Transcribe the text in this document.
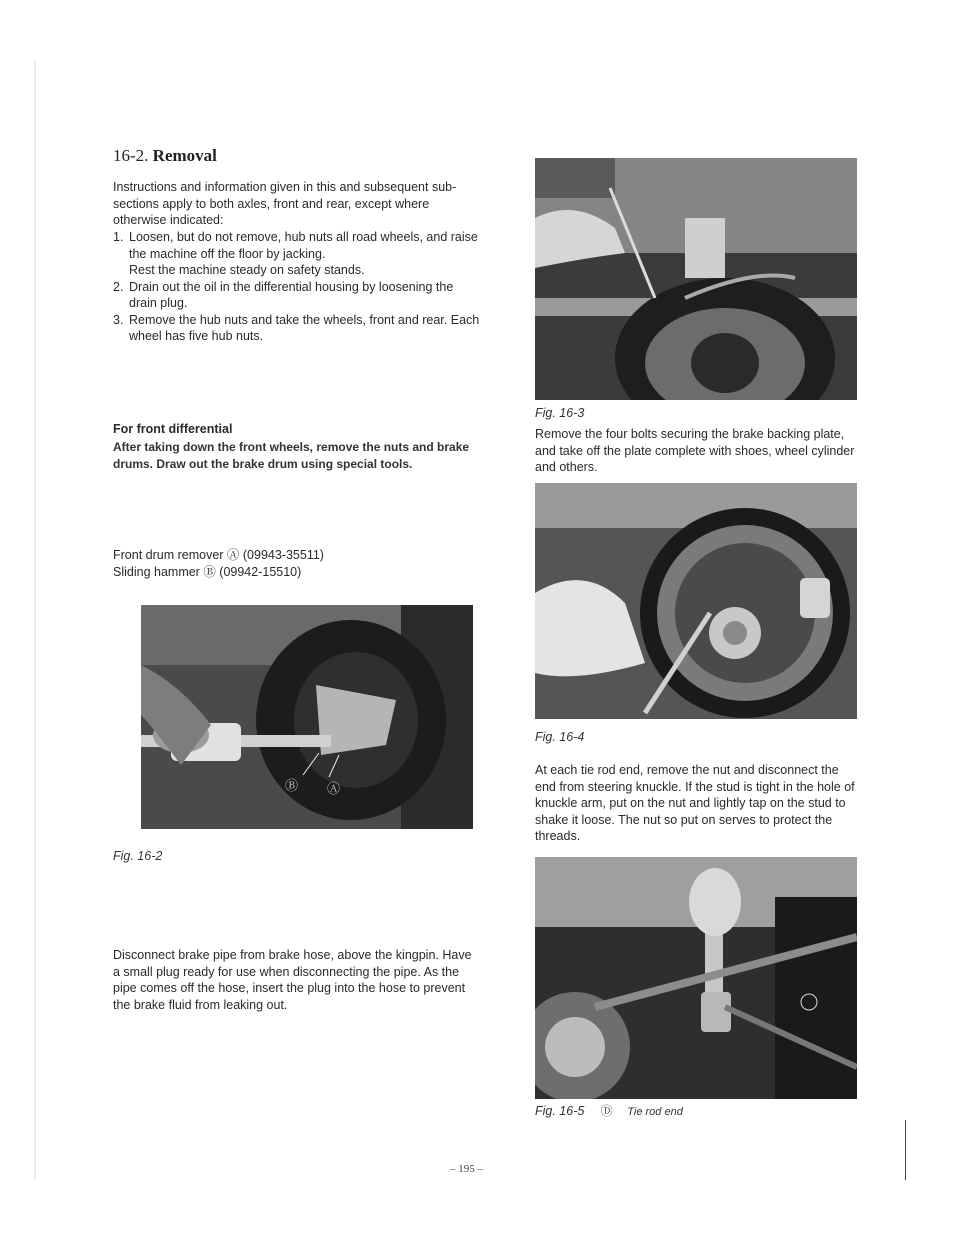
16-2. Removal

Instructions and information given in this and subsequent sub-sections apply to both axles, front and rear, except where otherwise indicated:

1. Loosen, but do not remove, hub nuts all road wheels, and raise the machine off the floor by jacking.
Rest the machine steady on safety stands.
2. Drain out the oil in the differential housing by loosening the drain plug.
3. Remove the hub nuts and take the wheels, front and rear. Each wheel has five hub nuts.
For front differential

After taking down the front wheels, remove the nuts and brake drums. Draw out the brake drum using special tools.

Front drum remover Ⓐ (09943-35511)

Sliding hammer Ⓑ (09942-15510)

Ⓑ Ⓐ
Fig. 16-2

Disconnect brake pipe from brake hose, above the kingpin. Have a small plug ready for use when disconnecting the pipe. As the pipe comes off the hose, insert the plug into the hose to prevent the brake fluid from leaking out.

Fig. 16-3

Remove the four bolts securing the brake backing plate, and take off the plate complete with shoes, wheel cylinder and others.

Fig. 16-4

At each tie rod end, remove the nut and disconnect the end from steering knuckle. If the stud is tight in the hole of knuckle arm, put on the nut and lightly tap on the stud to shake it loose. The nut so put on serves to protect the threads.

Fig. 16-5 Ⓓ Tie rod end
– 195 –
